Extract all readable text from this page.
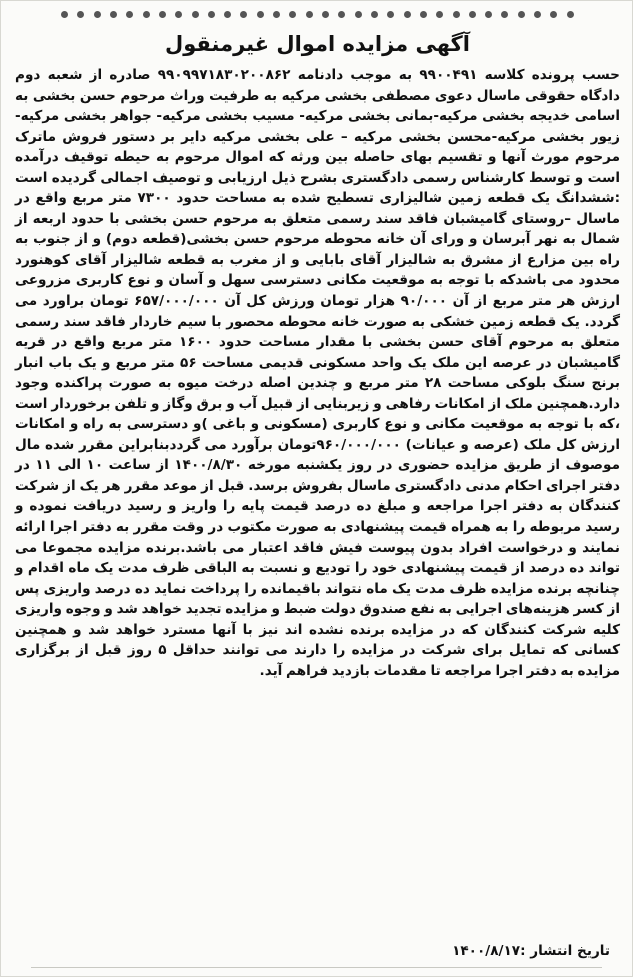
آگهی مزایده اموال غیرمنقول
حسب پرونده کلاسه ۹۹۰۰۴۹۱ به موجب دادنامه ۹۹۰۹۹۷۱۸۳۰۲۰۰۸۶۲ صادره از شعبه دوم دادگاه حقوقی ماسال دعوی مصطفی بخشی مرکیه به طرفیت وراث مرحوم حسن بخشی به اسامی خدیجه بخشی مرکیه-بمانی بخشی مرکیه- مسیب بخشی مرکیه- جواهر بخشی مرکیه- زیور بخشی مرکیه-محسن بخشی مرکیه – علی بخشی مرکیه دایر بر دستور فروش ماترک مرحوم مورث آنها و تقسیم بهای حاصله بین ورثه که اموال مرحوم به حیطه توقیف درآمده است و توسط کارشناس رسمی دادگستری بشرح ذیل ارزیابی و توصیف اجمالی گردیده است :ششدانگ یک قطعه زمین شالیزاری تسطیح شده به مساحت حدود ۷۳۰۰ متر مربع واقع در ماسال –روستای گامیشبان فاقد سند رسمی متعلق به مرحوم حسن بخشی با حدود اربعه از شمال به نهر آبرسان و ورای آن خانه محوطه مرحوم حسن بخشی(قطعه دوم) و از جنوب به راه بین مزارع از مشرق به شالیزار آقای بابایی و از مغرب به قطعه شالیزار آقای کوهنورد محدود می باشدکه با توجه به موقعیت مکانی دسترسی سهل و آسان و نوع کاربری مزروعی ارزش هر متر مربع از آن ۹۰/۰۰۰ هزار تومان ورزش کل آن ۶۵۷/۰۰۰/۰۰۰ تومان براورد می گردد. یک قطعه زمین خشکی به صورت خانه محوطه محصور با سیم خاردار فاقد سند رسمی متعلق به مرحوم آقای حسن بخشی با مقدار مساحت حدود ۱۶۰۰ متر مربع واقع در قریه گامیشبان در عرصه این ملک یک واحد مسکونی قدیمی مساحت ۵۶ متر مربع و یک باب انبار برنج سنگ بلوکی مساحت ۲۸ متر مربع و چندین اصله درخت میوه به صورت پراکنده وجود دارد.همچنین ملک از امکانات رفاهی و زیربنایی از قبیل آب و برق وگاز و تلفن برخوردار است ،که با توجه به موقعیت مکانی و نوع کاربری (مسکونی و باغی )و دسترسی به راه و امکانات ارزش کل ملک (عرصه و عیانات) ۹۶۰/۰۰۰/۰۰۰تومان برآورد می گرددبنابراین مقرر شده مال موصوف از طریق مزایده حضوری در روز یکشنبه مورخه ۱۴۰۰/۸/۳۰ از ساعت ۱۰ الی ۱۱ در دفتر اجرای احکام مدنی دادگستری ماسال بفروش برسد. قبل از موعد مقرر هر یک از شرکت کنندگان به دفتر اجرا مراجعه و مبلغ ده درصد قیمت پایه را واریز و رسید دریافت نموده و رسید مربوطه را به همراه قیمت پیشنهادی به صورت مکتوب در وقت مقرر به دفتر اجرا ارائه نمایند و درخواست افراد بدون پیوست فیش فاقد اعتبار می باشد.برنده مزایده مجموعا می تواند ده درصد از قیمت پیشنهادی خود را تودیع و نسبت به الباقی ظرف مدت یک ماه اقدام و چنانچه برنده مزایده ظرف مدت یک ماه نتواند باقیمانده را پرداخت نماید ده درصد واریزی پس از کسر هزینه‌های اجرایی به نفع صندوق دولت ضبط و مزایده تجدید خواهد شد و وجوه واریزی کلیه شرکت کنندگان که در مزایده برنده نشده اند نیز با آنها مسترد خواهد شد و همچنین کسانی که تمایل برای شرکت در مزایده را دارند می توانند حداقل ۵ روز قبل از برگزاری مزایده به دفتر اجرا مراجعه تا مقدمات بازدید فراهم آید.
تاریخ انتشار :۱۴۰۰/۸/۱۷
